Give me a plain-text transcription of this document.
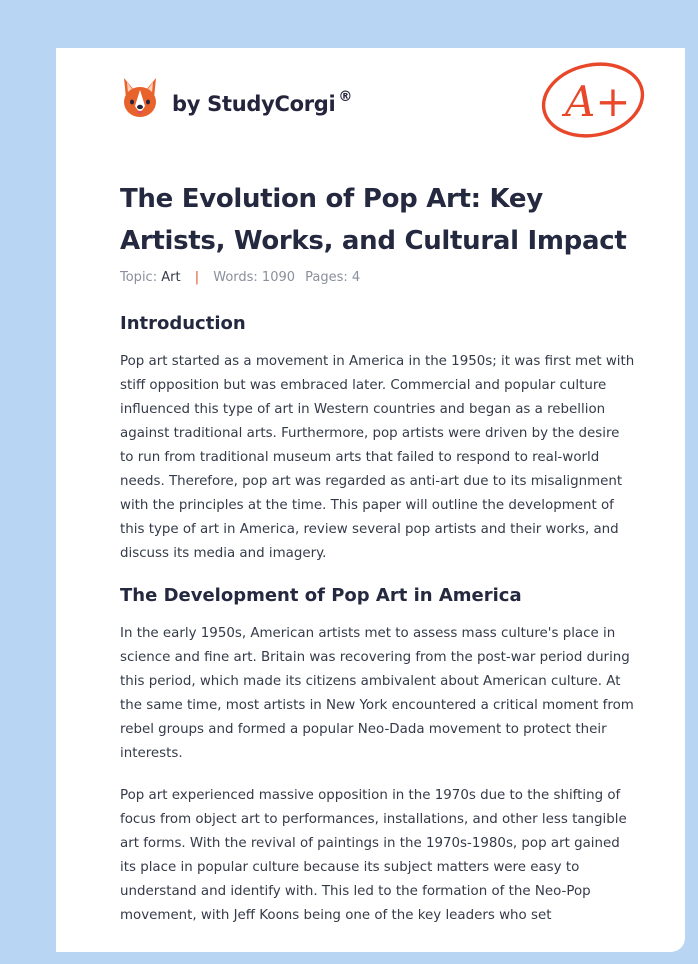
by StudyCorgi ®	A+
The Evolution of Pop Art: Key Artists, Works, and Cultural Impact
Topic: Art | Words: 1090 Pages: 4
Introduction

Pop art started as a movement in America in the 1950s; it was first met with stiff opposition but was embraced later. Commercial and popular culture influenced this type of art in Western countries and began as a rebellion against traditional arts. Furthermore, pop artists were driven by the desire to run from traditional museum arts that failed to respond to real-world needs. Therefore, pop art was regarded as anti-art due to its misalignment with the principles at the time. This paper will outline the development of this type of art in America, review several pop artists and their works, and discuss its media and imagery.

The Development of Pop Art in America

In the early 1950s, American artists met to assess mass culture's place in science and fine art. Britain was recovering from the post-war period during this period, which made its citizens ambivalent about American culture. At the same time, most artists in New York encountered a critical moment from rebel groups and formed a popular Neo-Dada movement to protect their interests.

Pop art experienced massive opposition in the 1970s due to the shifting of focus from object art to performances, installations, and other less tangible art forms. With the revival of paintings in the 1970s-1980s, pop art gained its place in popular culture because its subject matters were easy to understand and identify with. This led to the formation of the Neo-Pop movement, with Jeff Koons being one of the key leaders who set
